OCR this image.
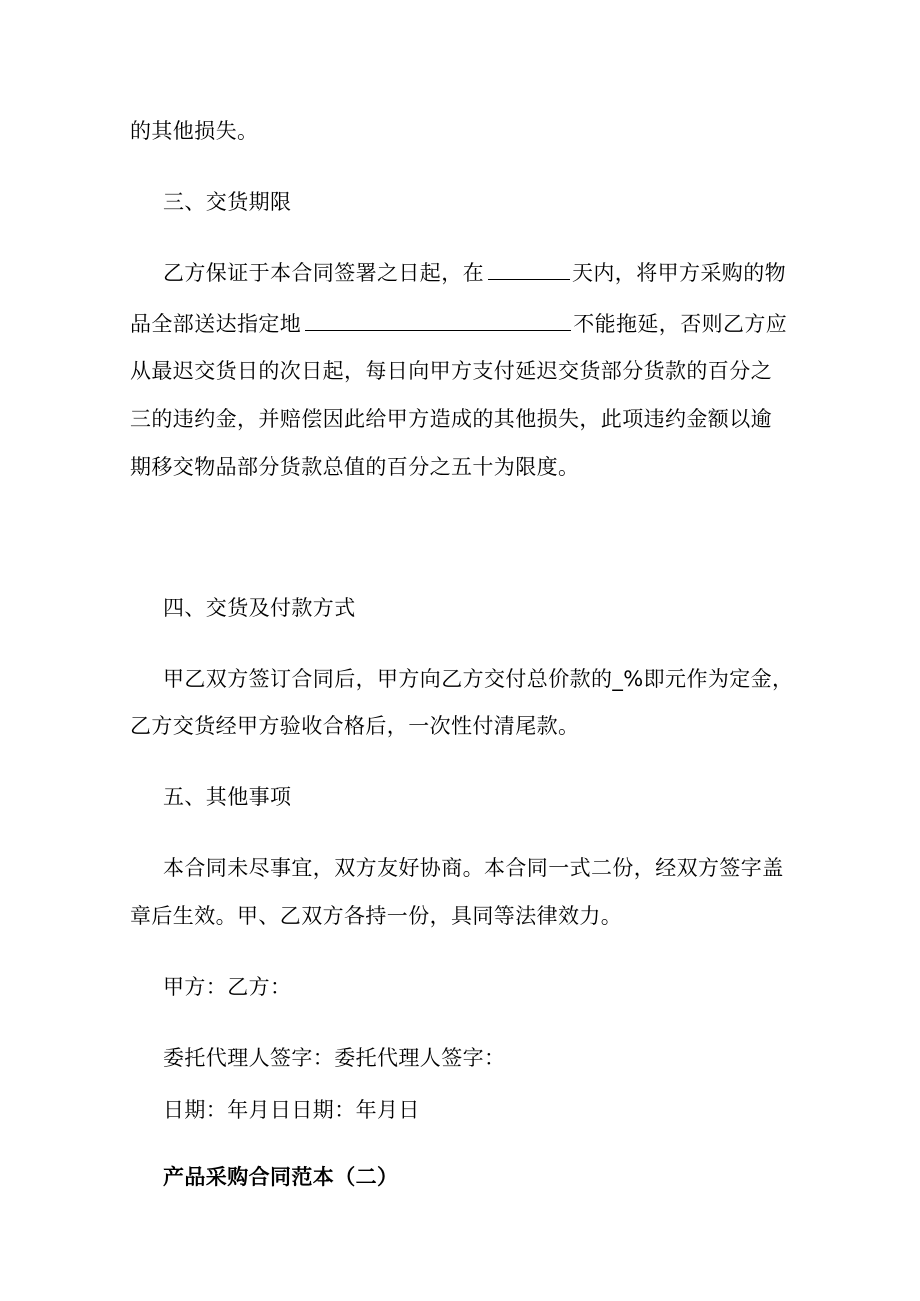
的其他损失。
三、交货期限
乙方保证于本合同签署之日起，在	天内，将甲方采购的物
品全部送达指定地	不能拖延，否则乙方应
从最迟交货日的次日起，每日向甲方支付延迟交货部分货款的百分之
三的违约金，并赔偿因此给甲方造成的其他损失，此项违约金额以逾
期移交物品部分货款总值的百分之五十为限度。
四、交货及付款方式
甲乙双方签订合同后，甲方向乙方交付总价款的_%即元作为定金，
乙方交货经甲方验收合格后，一次性付清尾款。
五、其他事项
本合同未尽事宜，双方友好协商。本合同一式二份，经双方签字盖
章后生效。甲、乙双方各持一份，具同等法律效力。
甲方：乙方：
委托代理人签字：委托代理人签字：
日期：年月日日期：年月日
产品采购合同范本（二）
